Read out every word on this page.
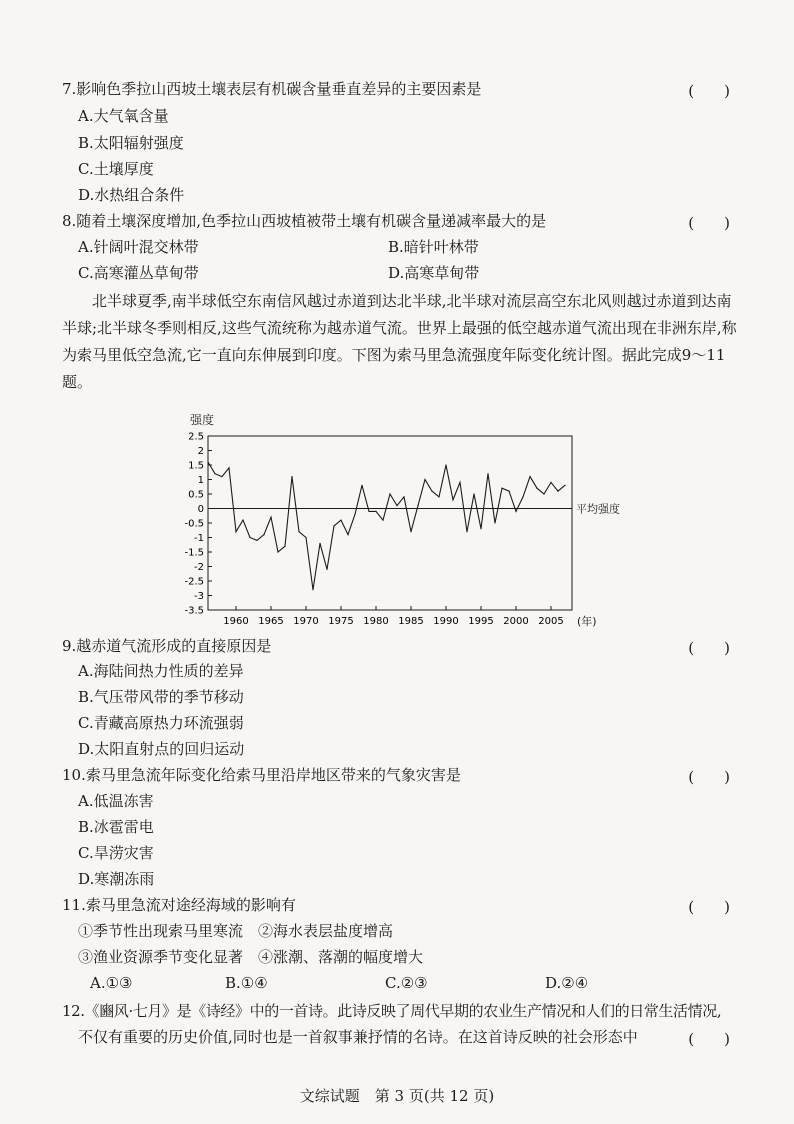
7.影响色季拉山西坡土壤表层有机碳含量垂直差异的主要因素是	(　　)
A.大气氧含量
B.太阳辐射强度
C.土壤厚度
D.水热组合条件
8.随着土壤深度增加,色季拉山西坡植被带土壤有机碳含量递减率最大的是	(　　)
A.针阔叶混交林带	B.暗针叶林带
C.高寒灌丛草甸带	D.高寒草甸带
北半球夏季,南半球低空东南信风越过赤道到达北半球,北半球对流层高空东北风则越过赤道到达南半球;北半球冬季则相反,这些气流统称为越赤道气流。世界上最强的低空越赤道气流出现在非洲东岸,称为索马里低空急流,它一直向东伸展到印度。下图为索马里急流强度年际变化统计图。据此完成9～11题。
强度
2.5
2
1.5
1
0.5
0
-0.5
-1
-1.5
-2
-2.5
-3
-3.5
1960 1965 1970 1975 1980 1985 1990 1995 2000 2005
平均强度
(年)
9.越赤道气流形成的直接原因是	(　　)
A.海陆间热力性质的差异
B.气压带风带的季节移动
C.青藏高原热力环流强弱
D.太阳直射点的回归运动
10.索马里急流年际变化给索马里沿岸地区带来的气象灾害是	(　　)
A.低温冻害
B.冰雹雷电
C.旱涝灾害
D.寒潮冻雨
11.索马里急流对途经海域的影响有	(　　)
①季节性出现索马里寒流　②海水表层盐度增高
③渔业资源季节变化显著　④涨潮、落潮的幅度增大
A.①③	B.①④	C.②③	D.②④
12.《豳风·七月》是《诗经》中的一首诗。此诗反映了周代早期的农业生产情况和人们的日常生活情况,
不仅有重要的历史价值,同时也是一首叙事兼抒情的名诗。在这首诗反映的社会形态中	(　　)
文综试题　第 3 页(共 12 页)
